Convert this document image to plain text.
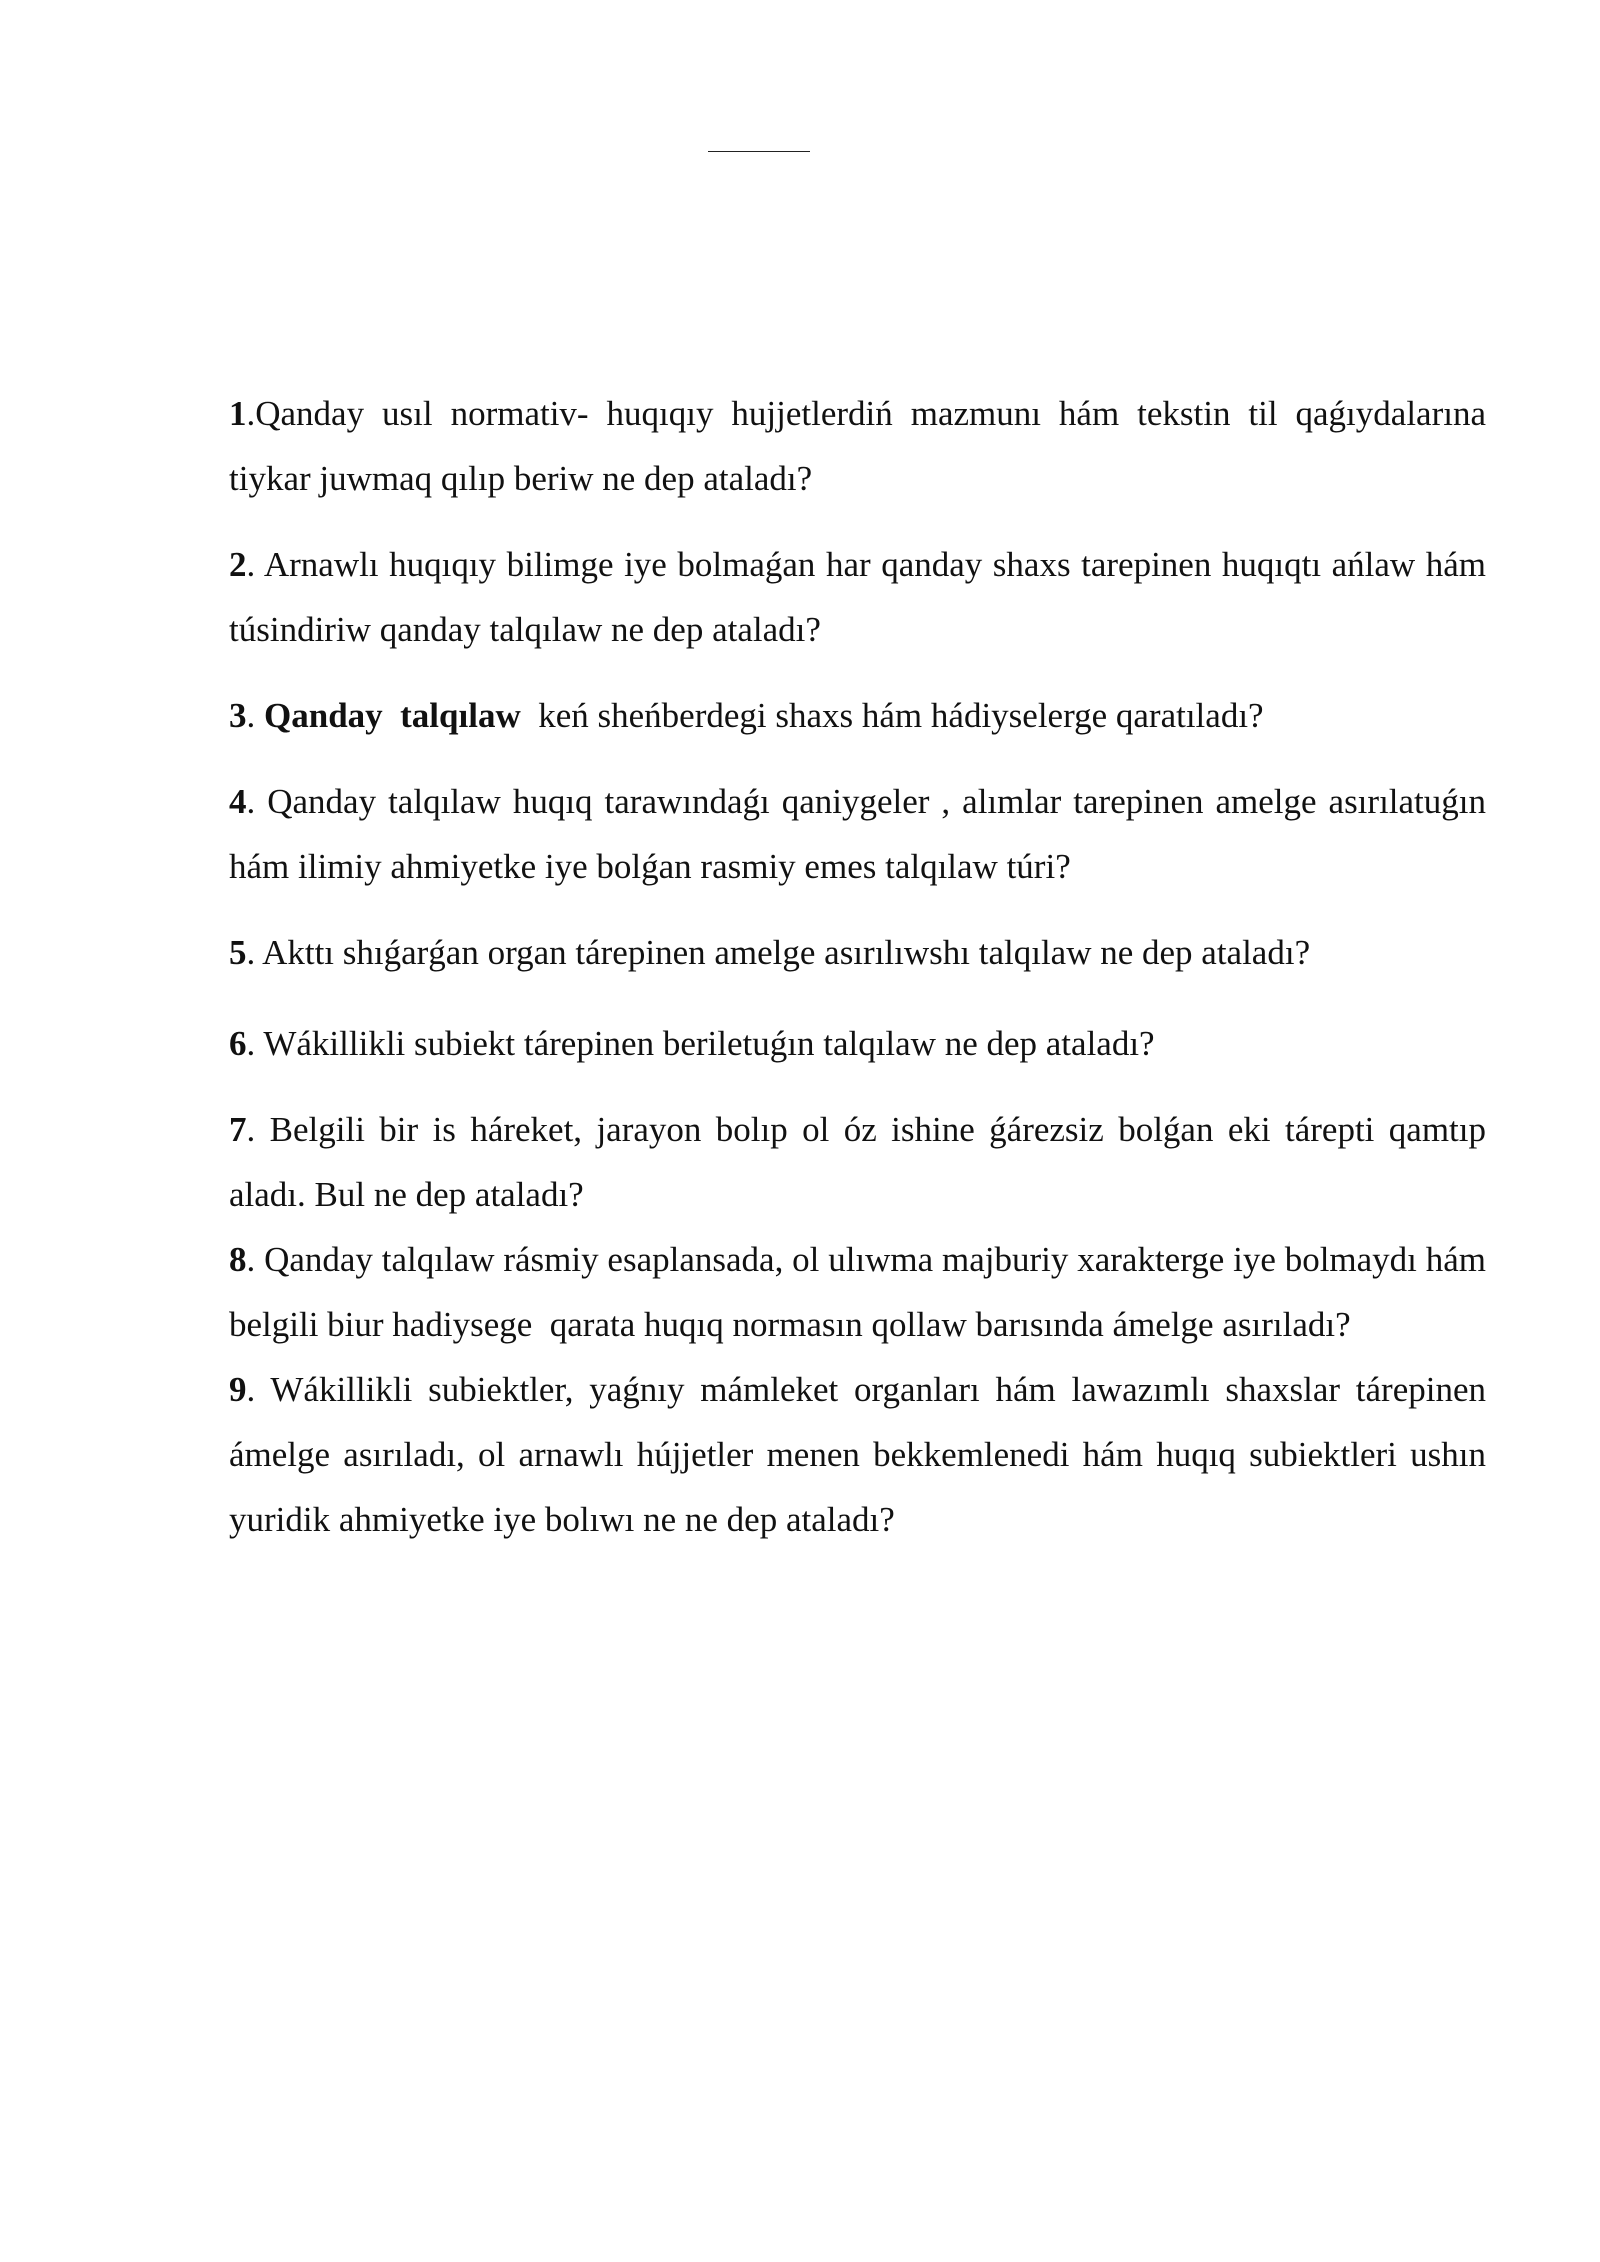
1.Qanday usıl normativ- huqıqıy hujjetlerdiń mazmunı hám tekstin til qaǵıydalarına tiykar juwmaq qılıp beriw ne dep ataladı?

2. Arnawlı huqıqıy bilimge iye bolmaǵan har qanday shaxs tarepinen huqıqtı ańlaw hám túsindiriw qanday talqılaw ne dep ataladı?

3. Qanday  talqılaw  keń sheńberdegi shaxs hám hádiyselerge qaratıladı?

4. Qanday talqılaw huqıq tarawındaǵı qaniygeler , alımlar tarepinen amelge asırılatuǵın hám ilimiy ahmiyetke iye bolǵan rasmiy emes talqılaw túri?

5. Akttı shıǵarǵan organ tárepinen amelge asırılıwshı talqılaw ne dep ataladı?

6. Wákillikli subiekt tárepinen beriletuǵın talqılaw ne dep ataladı?

7. Belgili bir is háreket, jarayon bolıp ol óz ishine ǵárezsiz bolǵan eki tárepti qamtıp aladı. Bul ne dep ataladı?

8. Qanday talqılaw rásmiy esaplansada, ol ulıwma majburiy xarakterge iye bolmaydı hám belgili biur hadiysege  qarata huqıq normasın qollaw barısında ámelge asırıladı?

9. Wákillikli subiektler, yaǵnıy mámleket organları hám lawazımlı shaxslar tárepinen ámelge asırıladı, ol arnawlı hújjetler menen bekkemlenedi hám huqıq subiektleri ushın yuridik ahmiyetke iye bolıwı ne ne dep ataladı?
